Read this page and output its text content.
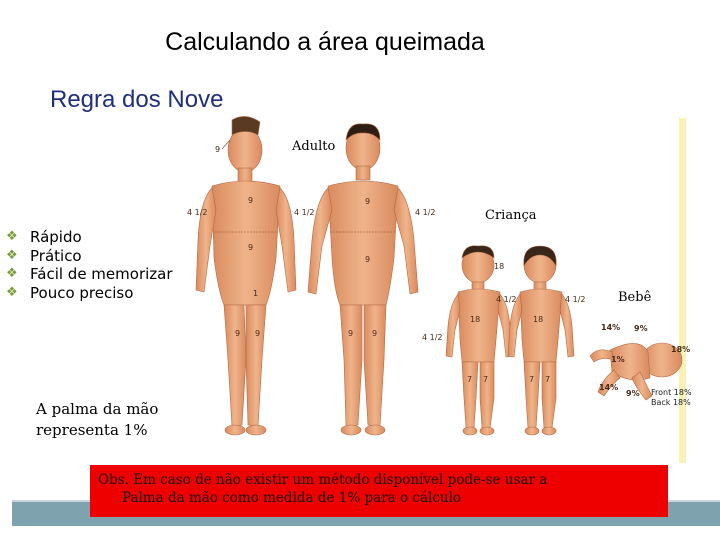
Calculando a área queimada
Regra dos Nove
9
9
9
4 1/2	4 1/2	4 1/2
9
9
9 9	9 9
1
18
4 1/2	4 1/2
18	18
4 1/2
7 7	7 7
14% 9%
18%
1%
14%
9% Front 18%
Back 18%
Adulto
Criança
Bebê
❖ Rápido
❖ Prático
❖ Fácil de memorizar
❖ Pouco preciso
A palma da mão representa 1%
Obs. Em caso de não existir um método disponível pode-se usar a
Palma da mão como medida de 1% para o cálculo
